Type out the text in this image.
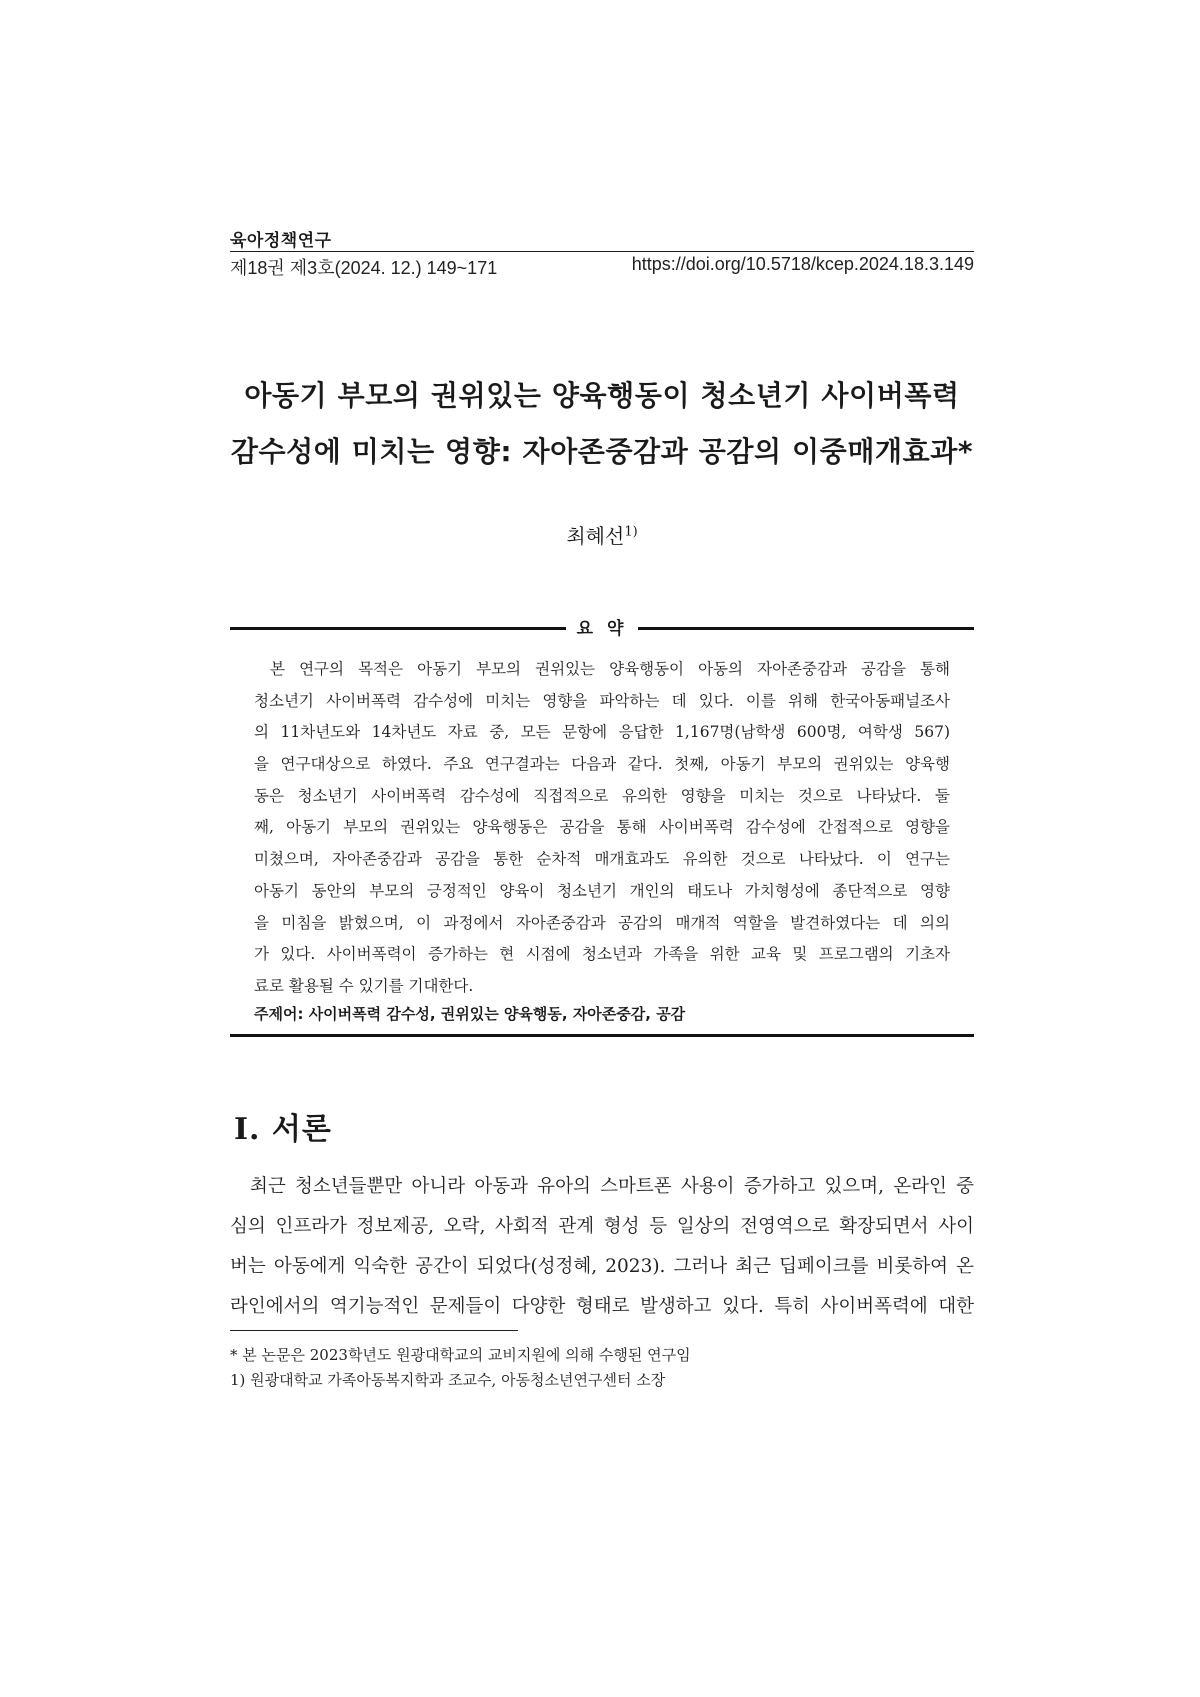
육아정책연구
제18권 제3호(2024. 12.) 149~171	https://doi.org/10.5718/kcep.2024.18.3.149
아동기 부모의 권위있는 양육행동이 청소년기 사이버폭력
감수성에 미치는 영향: 자아존중감과 공감의 이중매개효과*
최혜선$^{1)}$
요 약
본 연구의 목적은 아동기 부모의 권위있는 양육행동이 아동의 자아존중감과 공감을 통해
청소년기 사이버폭력 감수성에 미치는 영향을 파악하는 데 있다. 이를 위해 한국아동패널조사
의 11차년도와 14차년도 자료 중, 모든 문항에 응답한 1,167명(남학생 600명, 여학생 567)
을 연구대상으로 하였다. 주요 연구결과는 다음과 같다. 첫째, 아동기 부모의 권위있는 양육행
동은 청소년기 사이버폭력 감수성에 직접적으로 유의한 영향을 미치는 것으로 나타났다. 둘
째, 아동기 부모의 권위있는 양육행동은 공감을 통해 사이버폭력 감수성에 간접적으로 영향을
미쳤으며, 자아존중감과 공감을 통한 순차적 매개효과도 유의한 것으로 나타났다. 이 연구는
아동기 동안의 부모의 긍정적인 양육이 청소년기 개인의 태도나 가치형성에 종단적으로 영향
을 미침을 밝혔으며, 이 과정에서 자아존중감과 공감의 매개적 역할을 발견하였다는 데 의의
가 있다. 사이버폭력이 증가하는 현 시점에 청소년과 가족을 위한 교육 및 프로그램의 기초자
료로 활용될 수 있기를 기대한다.
주제어: 사이버폭력 감수성, 권위있는 양육행동, 자아존중감, 공감
Ⅰ. 서론
최근 청소년들뿐만 아니라 아동과 유아의 스마트폰 사용이 증가하고 있으며, 온라인 중
심의 인프라가 정보제공, 오락, 사회적 관계 형성 등 일상의 전영역으로 확장되면서 사이
버는 아동에게 익숙한 공간이 되었다(성정혜, 2023). 그러나 최근 딥페이크를 비롯하여 온
라인에서의 역기능적인 문제들이 다양한 형태로 발생하고 있다. 특히 사이버폭력에 대한
* 본 논문은 2023학년도 원광대학교의 교비지원에 의해 수행된 연구임
1) 원광대학교 가족아동복지학과 조교수, 아동청소년연구센터 소장
